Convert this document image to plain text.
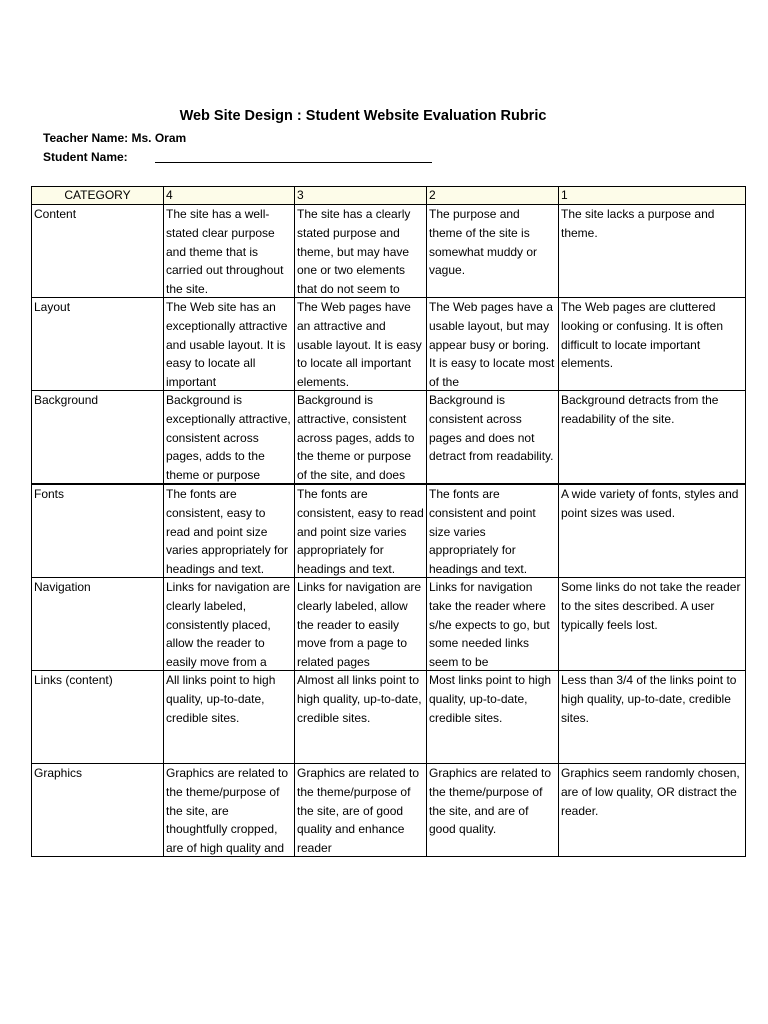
Web Site Design : Student Website Evaluation Rubric
Teacher Name: Ms. Oram
Student Name:
CATEGORY	4	3	2	1

Content	The site has a well-stated clear purpose and theme that is carried out throughout the site.	The site has a clearly stated purpose and theme, but may have one or two elements that do not seem to	The purpose and theme of the site is somewhat muddy or vague.	The site lacks a purpose and theme.

Layout	The Web site has an exceptionally attractive and usable layout. It is easy to locate all important	The Web pages have an attractive and usable layout. It is easy to locate all important elements.	The Web pages have a usable layout, but may appear busy or boring. It is easy to locate most of the	The Web pages are cluttered looking or confusing. It is often difficult to locate important elements.

Background	Background is exceptionally attractive, consistent across pages, adds to the theme or purpose	Background is attractive, consistent across pages, adds to the theme or purpose of the site, and does	Background is consistent across pages and does not detract from readability.	Background detracts from the readability of the site.

Fonts	The fonts are consistent, easy to read and point size varies appropriately for headings and text.	The fonts are consistent, easy to read and point size varies appropriately for headings and text.	The fonts are consistent and point size varies appropriately for headings and text.	A wide variety of fonts, styles and point sizes was used.

Navigation	Links for navigation are clearly labeled, consistently placed, allow the reader to easily move from a	Links for navigation are clearly labeled, allow the reader to easily move from a page to related pages	Links for navigation take the reader where s/he expects to go, but some needed links seem to be	Some links do not take the reader to the sites described. A user typically feels lost.

Links (content)	All links point to high quality, up-to-date, credible sites.	Almost all links point to high quality, up-to-date, credible sites.	Most links point to high quality, up-to-date, credible sites.	Less than 3/4 of the links point to high quality, up-to-date, credible sites.

Graphics	Graphics are related to the theme/purpose of the site, are thoughtfully cropped, are of high quality and	Graphics are related to the theme/purpose of the site, are of good quality and enhance reader	Graphics are related to the theme/purpose of the site, and are of good quality.	Graphics seem randomly chosen, are of low quality, OR distract the reader.
